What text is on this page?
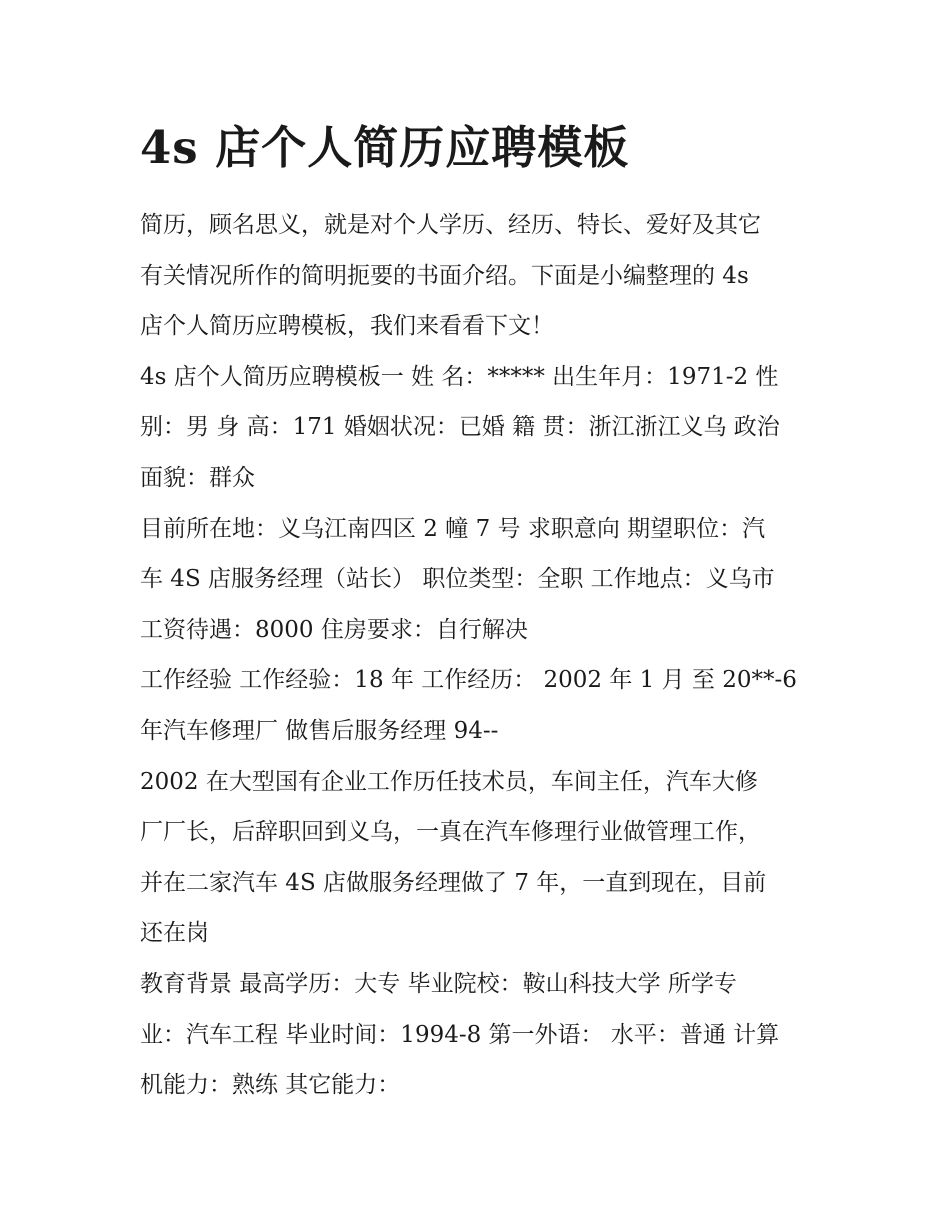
4s 店个人简历应聘模板

简历，顾名思义，就是对个人学历、经历、特长、爱好及其它
有关情况所作的简明扼要的书面介绍。下面是小编整理的 4s
店个人简历应聘模板，我们来看看下文！

4s 店个人简历应聘模板一 姓 名：***** 出生年月：1971-2 性
别：男 身 高：171 婚姻状况：已婚 籍 贯：浙江浙江义乌 政治
面貌：群众

目前所在地：义乌江南四区 2 幢 7 号 求职意向 期望职位：汽
车 4S 店服务经理（站长） 职位类型：全职 工作地点：义乌市
工资待遇：8000 住房要求：自行解决

工作经验 工作经验：18 年 工作经历： 2002 年 1 月 至 20**-6
年汽车修理厂 做售后服务经理 94--

2002 在大型国有企业工作历任技术员，车间主任，汽车大修
厂厂长，后辞职回到义乌，一真在汽车修理行业做管理工作，
并在二家汽车 4S 店做服务经理做了 7 年，一直到现在，目前
还在岗

教育背景 最高学历：大专 毕业院校：鞍山科技大学 所学专
业：汽车工程 毕业时间：1994-8 第一外语： 水平：普通 计算
机能力：熟练 其它能力：
